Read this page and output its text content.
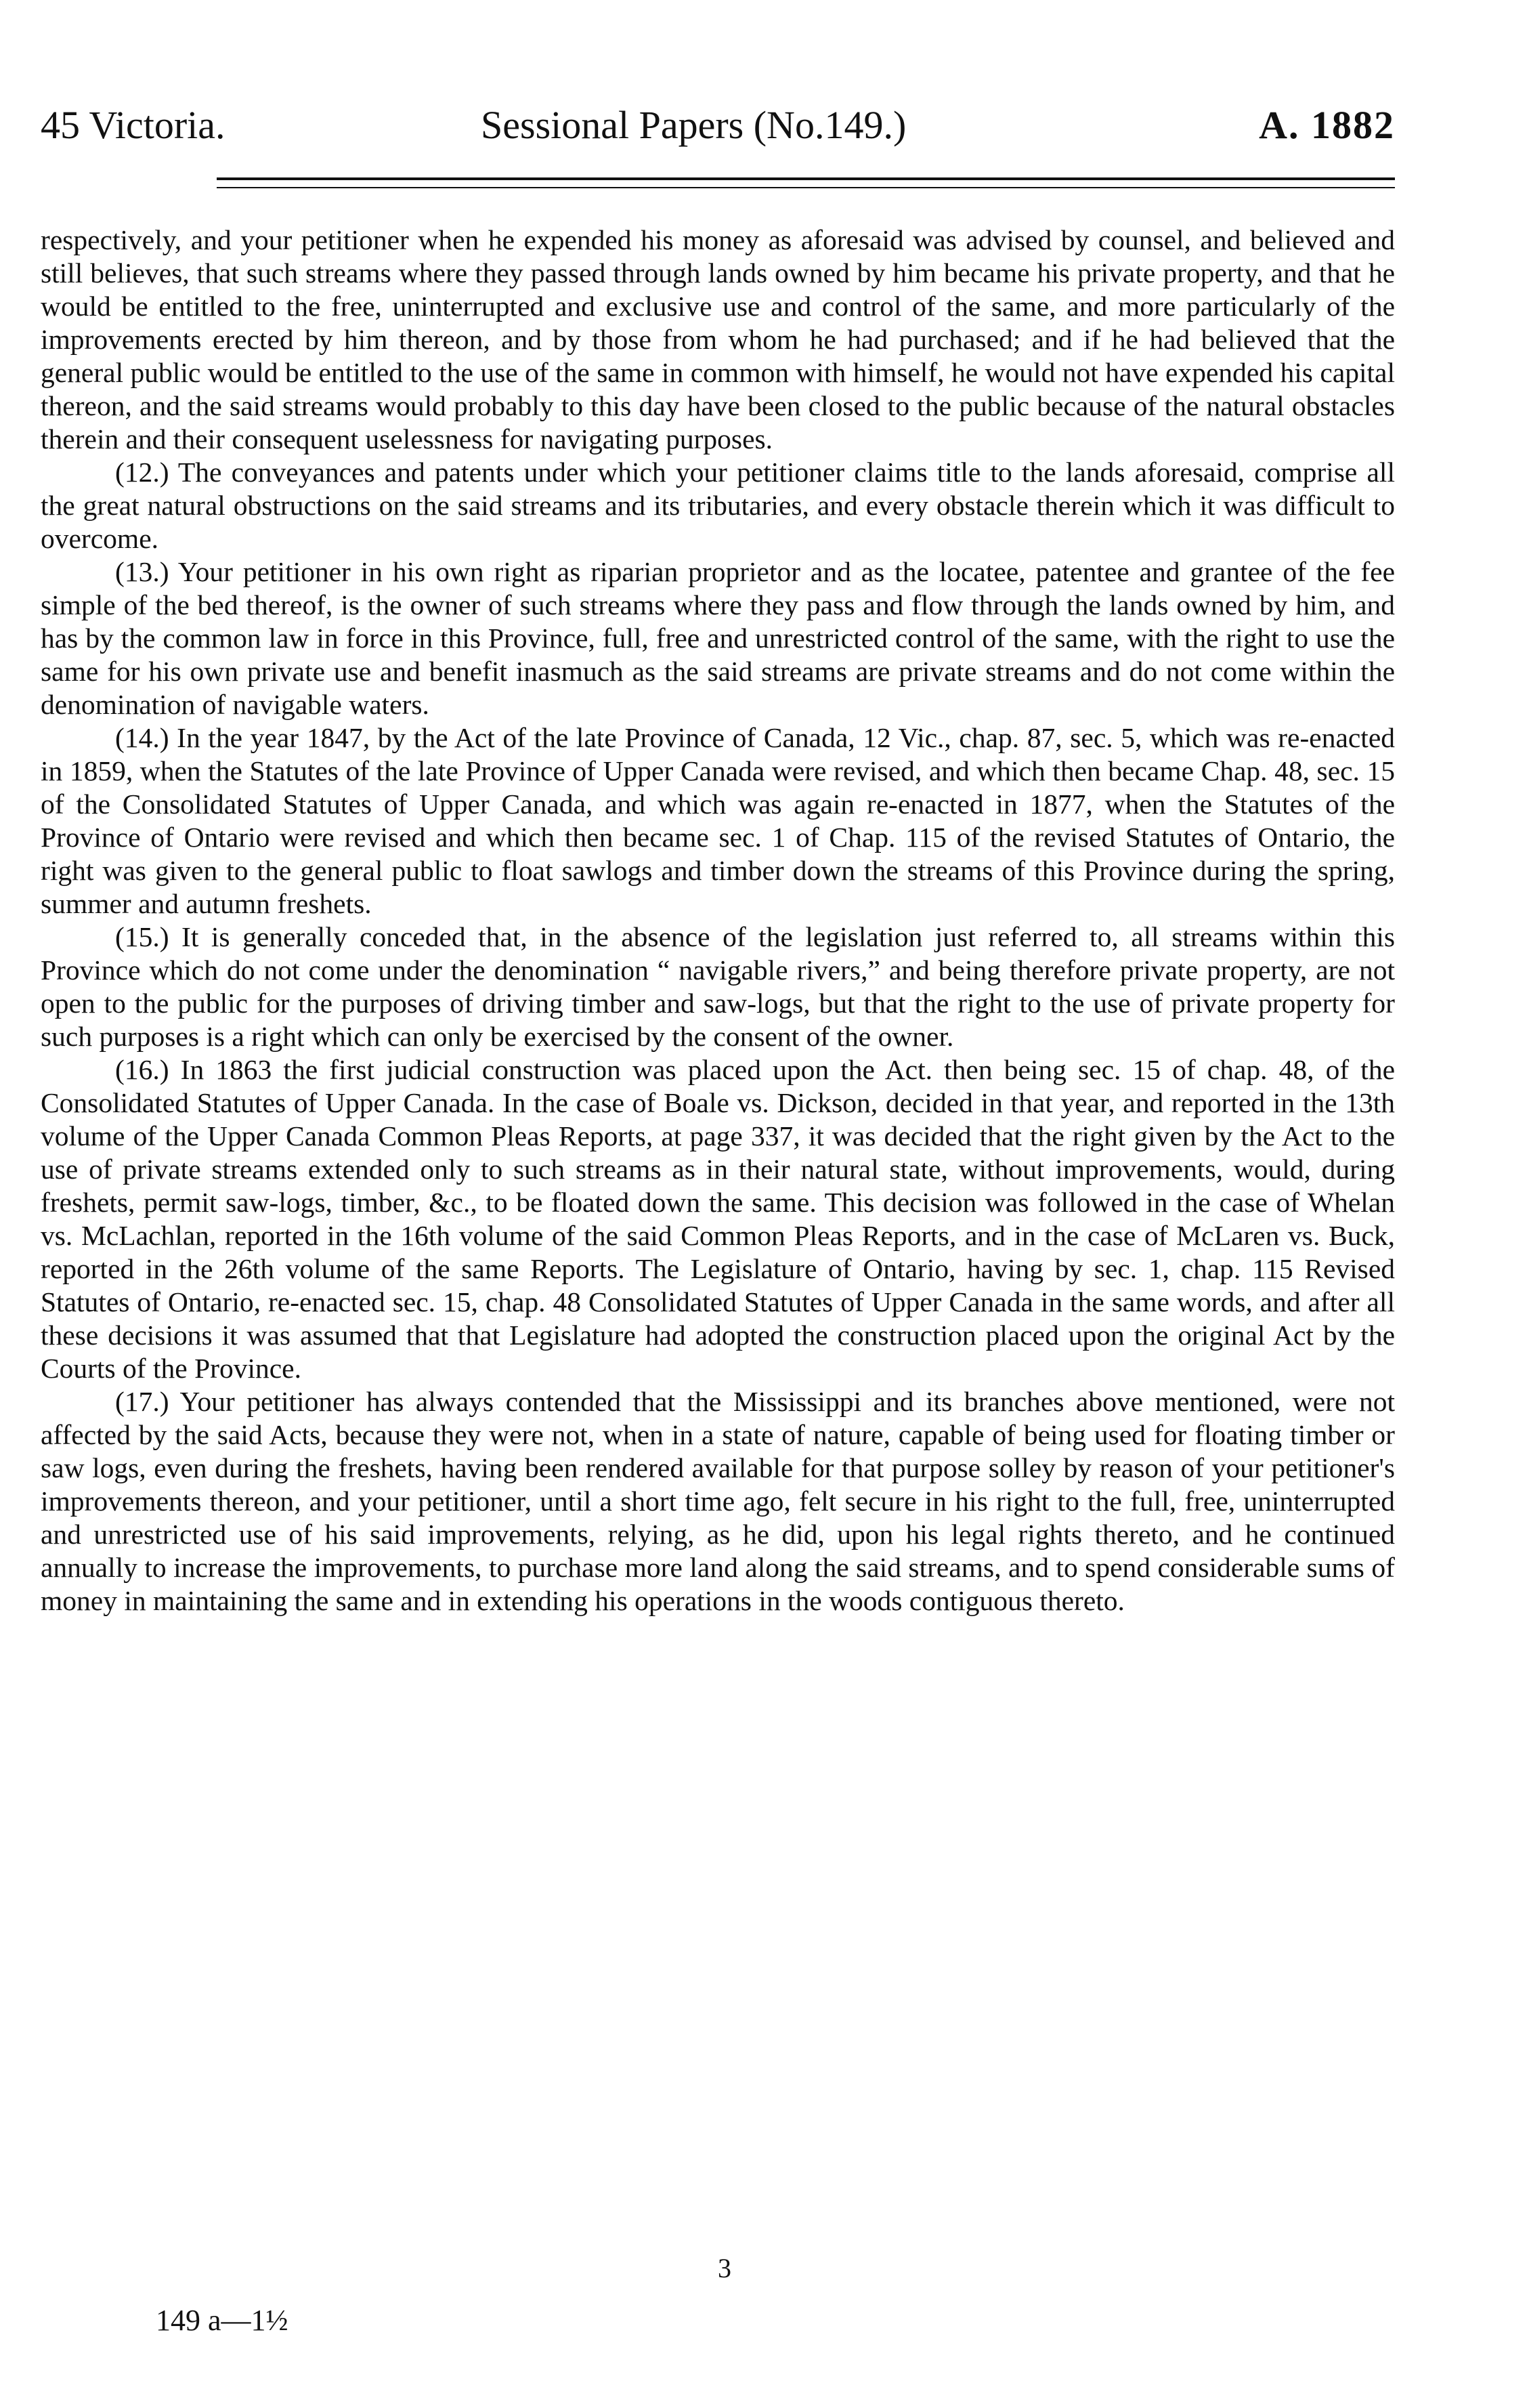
45 Victoria.	Sessional Papers (No.149.)	A. 1882

respectively, and your petitioner when he expended his money as aforesaid was advised by counsel, and believed and still believes, that such streams where they passed through lands owned by him became his private property, and that he would be entitled to the free, uninterrupted and exclusive use and control of the same, and more particularly of the improvements erected by him thereon, and by those from whom he had purchased; and if he had believed that the general public would be entitled to the use of the same in common with himself, he would not have expended his capital thereon, and the said streams would probably to this day have been closed to the public because of the natural obstacles therein and their consequent uselessness for navigating purposes.

(12.) The conveyances and patents under which your petitioner claims title to the lands aforesaid, comprise all the great natural obstructions on the said streams and its tributaries, and every obstacle therein which it was difficult to overcome.

(13.) Your petitioner in his own right as riparian proprietor and as the locatee, patentee and grantee of the fee simple of the bed thereof, is the owner of such streams where they pass and flow through the lands owned by him, and has by the common law in force in this Province, full, free and unrestricted control of the same, with the right to use the same for his own private use and benefit inasmuch as the said streams are private streams and do not come within the denomination of navigable waters.

(14.) In the year 1847, by the Act of the late Province of Canada, 12 Vic., chap. 87, sec. 5, which was re-enacted in 1859, when the Statutes of the late Province of Upper Canada were revised, and which then became Chap. 48, sec. 15 of the Consolidated Statutes of Upper Canada, and which was again re-enacted in 1877, when the Statutes of the Province of Ontario were revised and which then became sec. 1 of Chap. 115 of the revised Statutes of Ontario, the right was given to the general public to float sawlogs and timber down the streams of this Province during the spring, summer and autumn freshets.

(15.) It is generally conceded that, in the absence of the legislation just referred to, all streams within this Province which do not come under the denomination “ navigable rivers,” and being therefore private property, are not open to the public for the purposes of driving timber and saw-logs, but that the right to the use of private property for such purposes is a right which can only be exercised by the consent of the owner.

(16.) In 1863 the first judicial construction was placed upon the Act. then being sec. 15 of chap. 48, of the Consolidated Statutes of Upper Canada. In the case of Boale vs. Dickson, decided in that year, and reported in the 13th volume of the Upper Canada Common Pleas Reports, at page 337, it was decided that the right given by the Act to the use of private streams extended only to such streams as in their natural state, without improvements, would, during freshets, permit saw-logs, timber, &c., to be floated down the same. This decision was followed in the case of Whelan vs. McLachlan, reported in the 16th volume of the said Common Pleas Reports, and in the case of McLaren vs. Buck, reported in the 26th volume of the same Reports. The Legislature of Ontario, having by sec. 1, chap. 115 Revised Statutes of Ontario, re-enacted sec. 15, chap. 48 Consolidated Statutes of Upper Canada in the same words, and after all these decisions it was assumed that that Legislature had adopted the construction placed upon the original Act by the Courts of the Province.

(17.) Your petitioner has always contended that the Mississippi and its branches above mentioned, were not affected by the said Acts, because they were not, when in a state of nature, capable of being used for floating timber or saw logs, even during the freshets, having been rendered available for that purpose solley by reason of your petitioner's improvements thereon, and your petitioner, until a short time ago, felt secure in his right to the full, free, uninterrupted and unrestricted use of his said improvements, relying, as he did, upon his legal rights thereto, and he continued annually to increase the improvements, to purchase more land along the said streams, and to spend considerable sums of money in maintaining the same and in extending his operations in the woods contiguous thereto.

3
149 a—1½
